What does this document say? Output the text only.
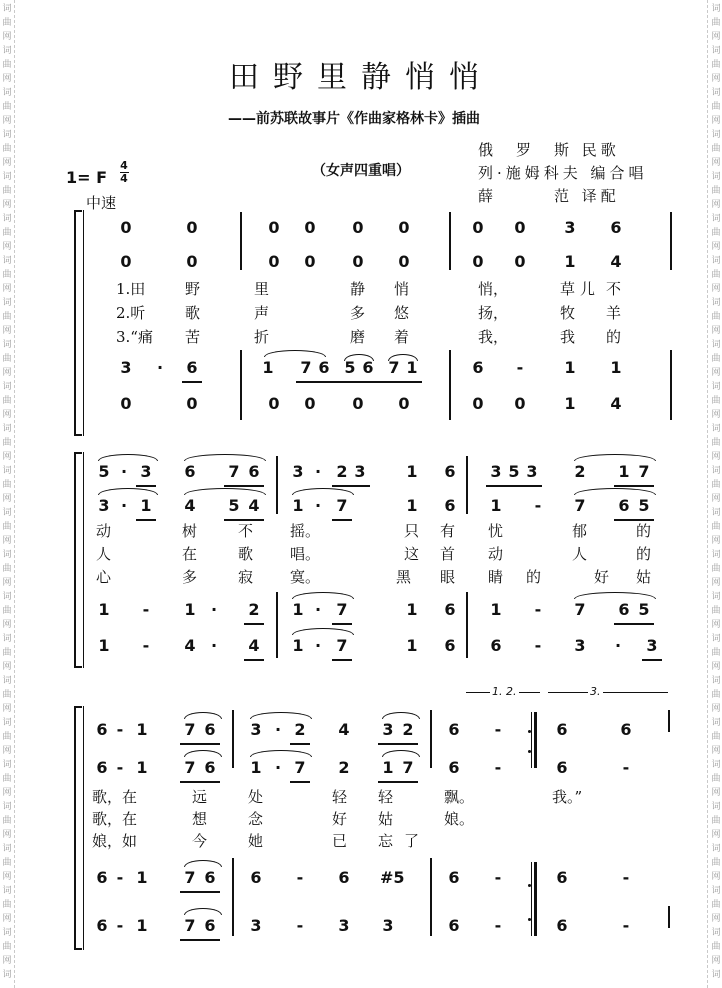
词
曲
网
词
曲
网
词
曲
网
词
曲
网
词
曲
网
词
曲
网
词
曲
网
词
曲
网
词
曲
网
词
曲
网
词
曲
网
词
曲
网
词
曲
网
词
曲
网
词
曲
网
词
曲
网
词
曲
网
词
曲
网
词
曲
网
词
曲
网
词
曲
网
词
曲
网
词
曲
网
词
词
曲
网
词
曲
网
词
曲
网
词
曲
网
词
曲
网
词
曲
网
词
曲
网
词
曲
网
词
曲
网
词
曲
网
词
曲
网
词
曲
网
词
曲
网
词
曲
网
词
曲
网
词
曲
网
词
曲
网
词
曲
网
词
曲
网
词
曲
网
词
曲
网
词
曲
网
词
曲
网
词
田野里静悄悄
——前苏联故事片《作曲家格林卡》插曲
俄　罗　斯 民歌
列·施姆科夫 编合唱
薛　　　范 译配
1= F
4
4	（女声四重唱）
中速
0	0	0	0	0	0	0	0	3	6
0	0	0	0	0	0	0	0	1	4
1.田	野	里	静 悄	悄，	草 儿 不
2.听	歌	声	多 悠	扬，	牧 羊
3.“痛 苦	折	磨 着	我，	我 的
3	·	6	1	7 6 5 6 7 1	6	-	1	1
0	0	0	0	0	0	0	0	1	4
5 · 3	6	7 6	3 · 2 3	1	6	3 5 3	2	1 7
3 · 1	4	5 4	1 · 7	1	6	1	-	7	6 5
动	树	不 摇。	只 有 忧	郁	的
人	在	歌 唱。	这 首 动	人	的
心	多	寂 寞。	黑 眼 睛 的	好 姑
1	-	1 ·	2	1 · 7	1	6	1	-	7	6 5
1	-	4 ·	4	1 · 7	1	6	6	-	3	·	3
1. 2.	3.
6 - 1	7 6	3 · 2	4	3 2	6	-	6	6
6 - 1	7 6	1 · 7	2	1 7	6	-	6	-
歌，在	远	处	轻 轻	飘。	我。”
歌，在	想	念	好 姑	娘。
娘，如	今	她	已 忘 了
6 - 1	7 6	6	-	6	#5	6	-	6	-
6 - 1	7 6	3	-	3	3	6	-	6	-
